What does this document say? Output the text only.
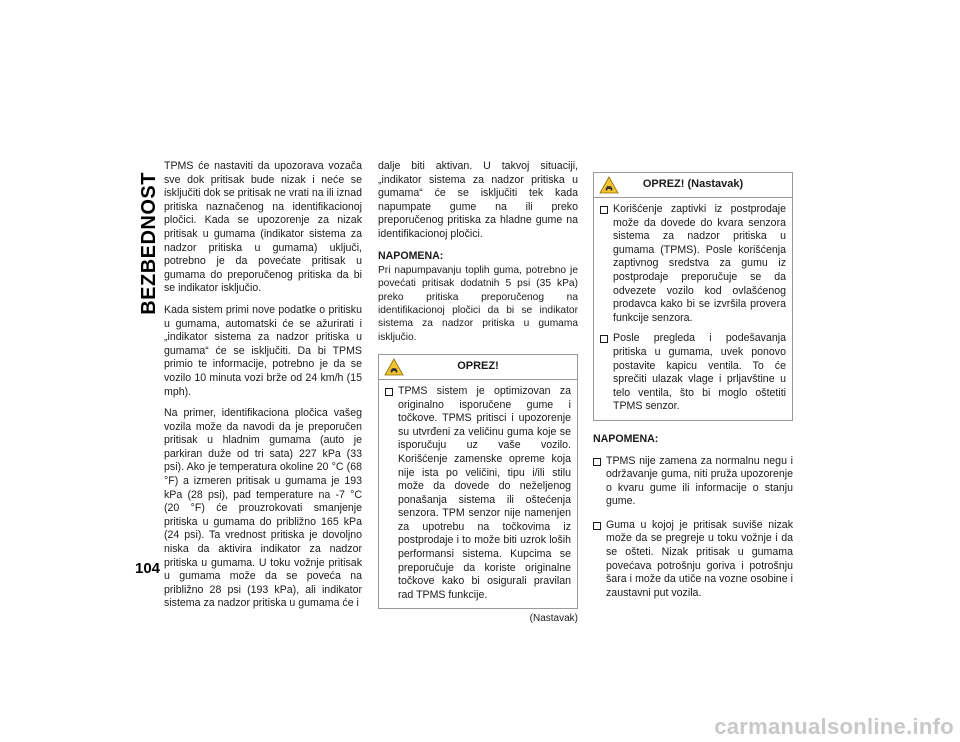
BEZBEDNOST
104

TPMS će nastaviti da upozorava vozača sve dok pritisak bude nizak i neće se isključiti dok se pritisak ne vrati na ili iznad pritiska naznačenog na identifikacionoj pločici. Kada se upozorenje za nizak pritisak u gumama (indikator sistema za nadzor pritiska u gumama) uključi, potrebno je da povećate pritisak u gumama do preporučenog pritiska da bi se indikator isključio.

Kada sistem primi nove podatke o pritisku u gumama, automatski će se ažurirati i „indikator sistema za nadzor pritiska u gumama“ će se isključiti. Da bi TPMS primio te informacije, potrebno je da se vozilo 10 minuta vozi brže od 24 km/h (15 mph).

Na primer, identifikaciona pločica vašeg vozila može da navodi da je preporučen pritisak u hladnim gumama (auto je parkiran duže od tri sata) 227 kPa (33 psi). Ako je temperatura okoline 20 °C (68 °F) a izmeren pritisak u gumama je 193 kPa (28 psi), pad temperature na -7 °C (20 °F) će prouzrokovati smanjenje pritiska u gumama do približno 165 kPa (24 psi). Ta vrednost pritiska je dovoljno niska da aktivira indikator za nadzor pritiska u gumama. U toku vožnje pritisak u gumama može da se poveća na približno 28 psi (193 kPa), ali indikator sistema za nadzor pritiska u gumama će i

dalje biti aktivan. U takvoj situaciji, „indikator sistema za nadzor pritiska u gumama“ će se isključiti tek kada napumpate gume na ili preko preporučenog pritiska za hladne gume na identifikacionoj pločici.

NAPOMENA:
Pri napumpavanju toplih guma, potrebno je povećati pritisak dodatnih 5 psi (35 kPa) preko pritiska preporučenog na identifikacionoj pločici da bi se indikator sistema za nadzor pritiska u gumama isključio.
OPREZ!
TPMS sistem je optimizovan za originalno isporučene gume i točkove. TPMS pritisci i upozorenje su utvrđeni za veličinu guma koje se isporučuju uz vaše vozilo. Korišćenje zamenske opreme koja nije ista po veličini, tipu i/ili stilu može da dovede do neželjenog ponašanja sistema ili oštećenja senzora. TPM senzor nije namenjen za upotrebu na točkovima iz postprodaje i to može biti uzrok loših performansi sistema. Kupcima se preporučuje da koriste originalne točkove kako bi osigurali pravilan rad TPMS funkcije.
(Nastavak)
OPREZ! (Nastavak)
Korišćenje zaptivki iz postprodaje može da dovede do kvara senzora sistema za nadzor pritiska u gumama (TPMS). Posle korišćenja zaptivnog sredstva za gumu iz postprodaje preporučuje se da odvezete vozilo kod ovlašćenog prodavca kako bi se izvršila provera funkcije senzora.
Posle pregleda i podešavanja pritiska u gumama, uvek ponovo postavite kapicu ventila. To će sprečiti ulazak vlage i prljavštine u telo ventila, što bi moglo oštetiti TPMS senzor.
NAPOMENA:
TPMS nije zamena za normalnu negu i održavanje guma, niti pruža upozorenje o kvaru gume ili informacije o stanju gume.
Guma u kojoj je pritisak suviše nizak može da se pregreje u toku vožnje i da se ošteti. Nizak pritisak u gumama povećava potrošnju goriva i potrošnju šara i može da utiče na vozne osobine i zaustavni put vozila.
carmanualsonline.info
